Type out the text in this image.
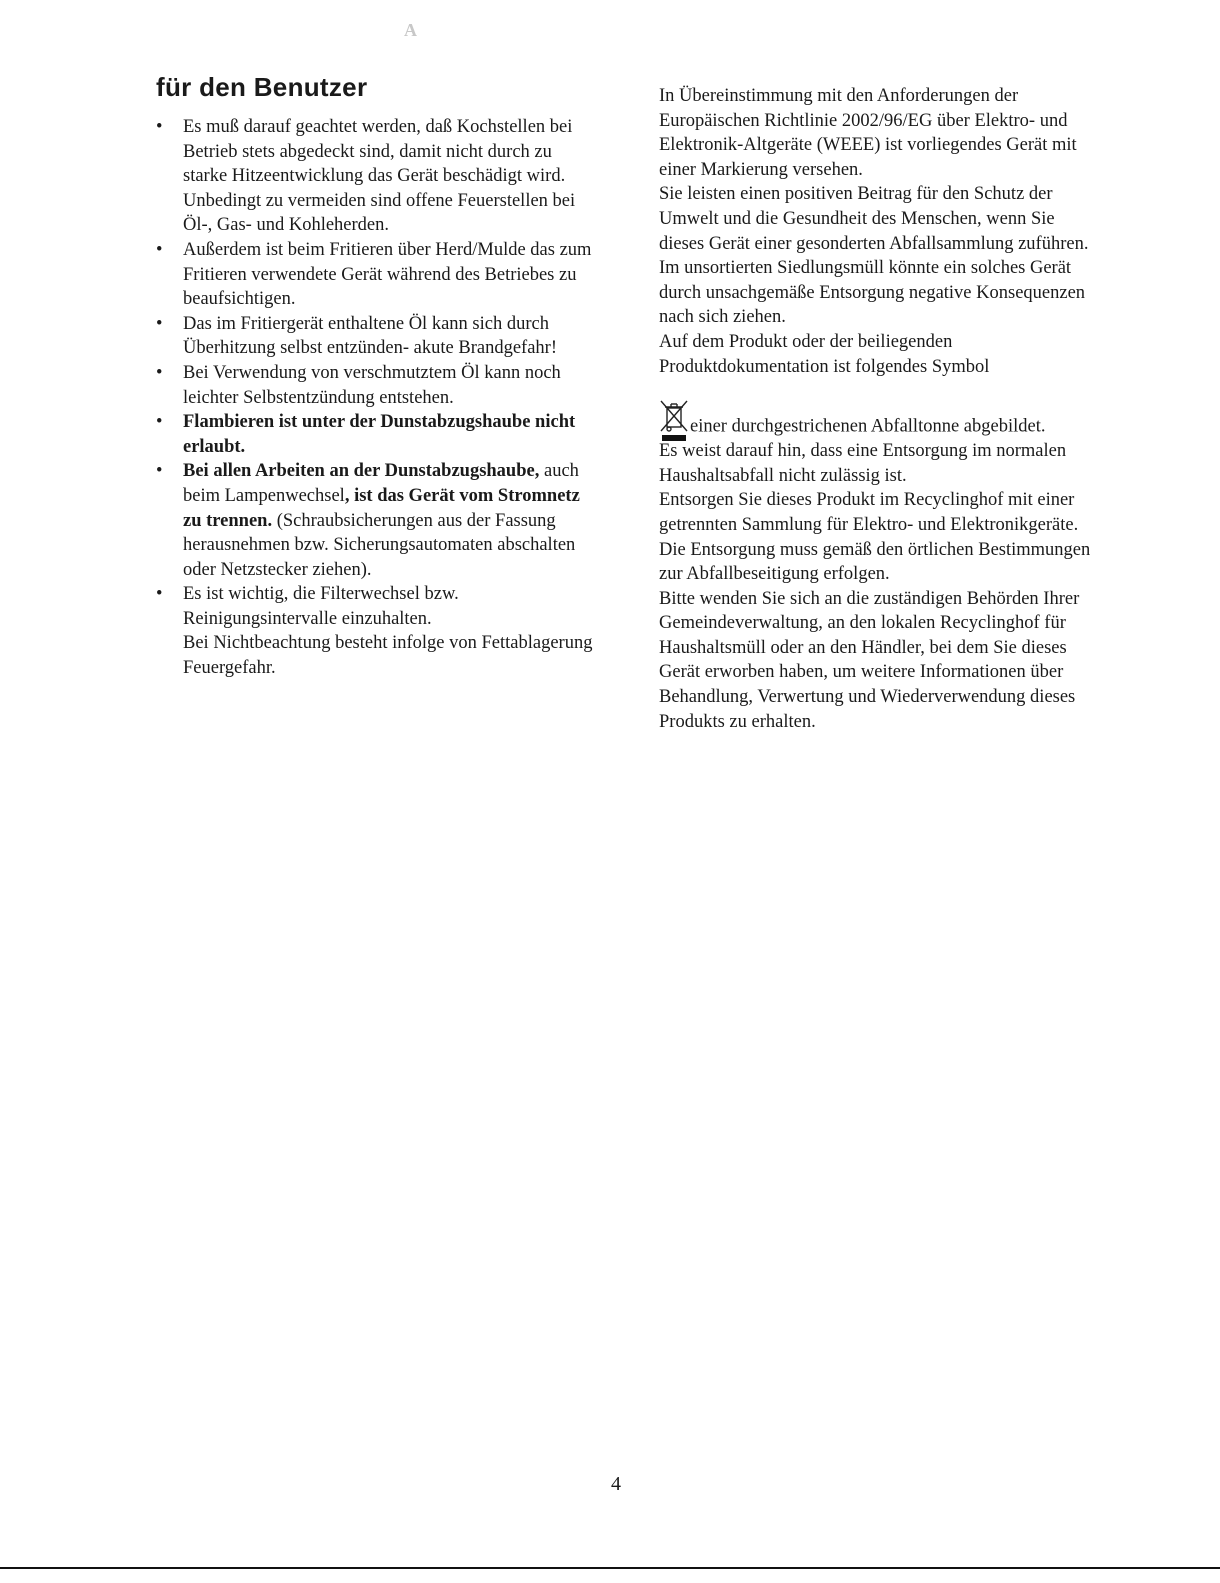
A
für den Benutzer
• Es muß darauf geachtet werden, daß Kochstellen bei Betrieb stets abgedeckt sind, damit nicht durch zu starke Hitzeentwicklung das Gerät beschädigt wird. Unbedingt zu vermeiden sind offene Feuerstellen bei Öl-, Gas- und Kohleherden.
• Außerdem ist beim Fritieren über Herd/Mulde das zum Fritieren verwendete Gerät während des Betriebes zu beaufsichtigen.
• Das im Fritiergerät enthaltene Öl kann sich durch Überhitzung selbst entzünden- akute Brandgefahr!
• Bei Verwendung von verschmutztem Öl kann noch leichter Selbstentzündung entstehen.
• Flambieren ist unter der Dunstabzugshaube nicht erlaubt.
• Bei allen Arbeiten an der Dunstabzugshaube, auch beim Lampenwechsel, ist das Gerät vom Stromnetz zu trennen. (Schraubsicherungen aus der Fassung herausnehmen bzw. Sicherungsautomaten abschalten oder Netzstecker ziehen).
• Es ist wichtig, die Filterwechsel bzw. Reinigungsintervalle einzuhalten.
Bei Nichtbeachtung besteht infolge von Fettablagerung Feuergefahr.

In Übereinstimmung mit den Anforderungen der Europäischen Richtlinie 2002/96/EG über Elektro- und Elektronik-Altgeräte (WEEE) ist vorliegendes Gerät mit einer Markierung versehen.

Sie leisten einen positiven Beitrag für den Schutz der Umwelt und die Gesundheit des Menschen, wenn Sie dieses Gerät einer gesonderten Abfallsammlung zuführen. Im unsortierten Siedlungsmüll könnte ein solches Gerät durch unsachgemäße Entsorgung negative Konsequenzen nach sich ziehen.

Auf dem Produkt oder der beiliegenden Produktdokumentation ist folgendes Symbol

einer durchgestrichenen Abfalltonne abgebildet.

Es weist darauf hin, dass eine Entsorgung im normalen Haushaltsabfall nicht zulässig ist.

Entsorgen Sie dieses Produkt im Recyclinghof mit einer getrennten Sammlung für Elektro- und Elektronikgeräte.

Die Entsorgung muss gemäß den örtlichen Bestimmungen zur Abfallbeseitigung erfolgen.

Bitte wenden Sie sich an die zuständigen Behörden Ihrer Gemeindeverwaltung, an den lokalen Recyclinghof für Haushaltsmüll oder an den Händler, bei dem Sie dieses Gerät erworben haben, um weitere Informationen über Behandlung, Verwertung und Wiederverwendung dieses Produkts zu erhalten.

4
